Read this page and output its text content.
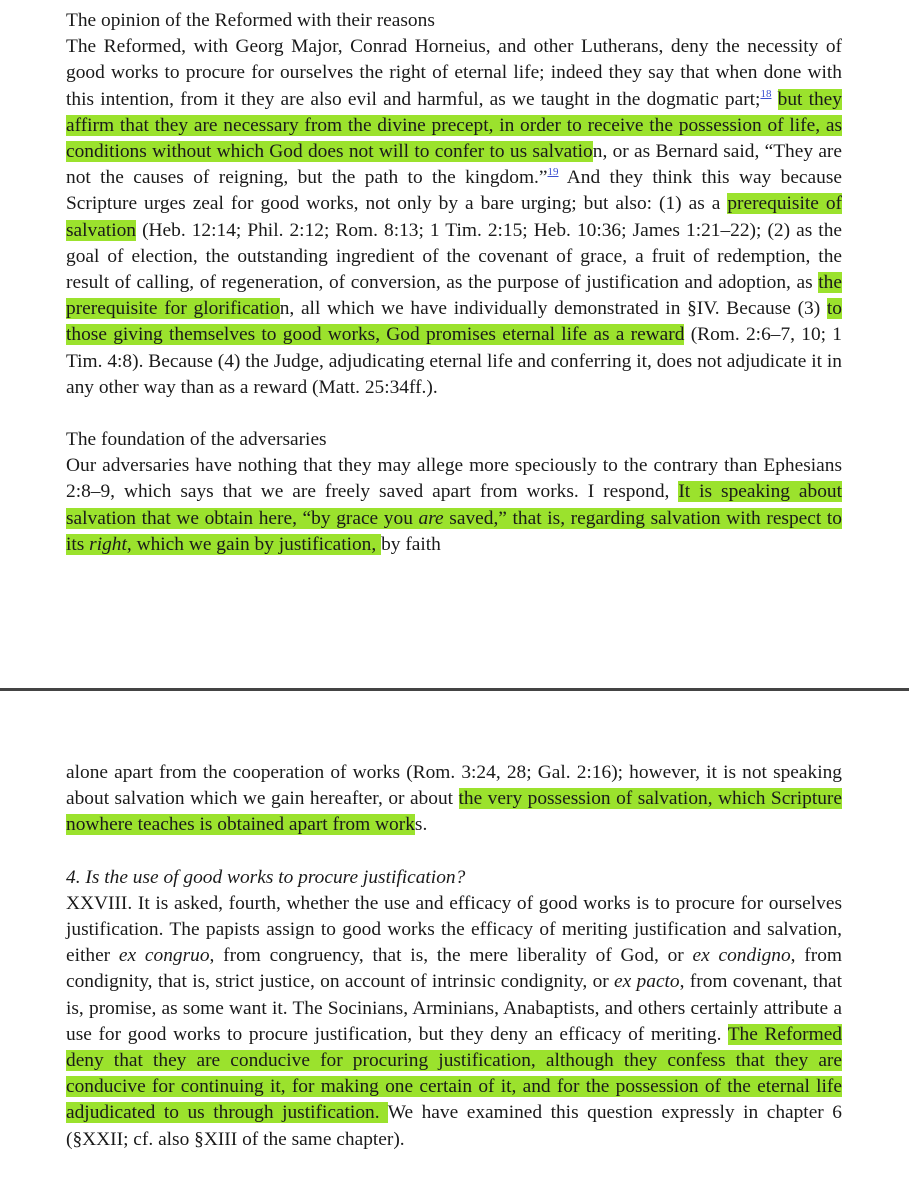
The opinion of the Reformed with their reasons

The Reformed, with Georg Major, Conrad Horneius, and other Lutherans, deny the necessity of good works to procure for ourselves the right of eternal life; indeed they say that when done with this intention, from it they are also evil and harmful, as we taught in the dogmatic part;$^{18}$ but they affirm that they are necessary from the divine precept, in order to receive the possession of life, as conditions without which God does not will to confer to us salvation, or as Bernard said, “They are not the causes of reigning, but the path to the kingdom.”$^{19}$ And they think this way because Scripture urges zeal for good works, not only by a bare urging; but also: (1) as a prerequisite of salvation (Heb. 12:14; Phil. 2:12; Rom. 8:13; 1 Tim. 2:15; Heb. 10:36; James 1:21–22); (2) as the goal of election, the outstanding ingredient of the covenant of grace, a fruit of redemption, the result of calling, of regeneration, of conversion, as the purpose of justification and adoption, as the prerequisite for glorification, all which we have individually demonstrated in §IV. Because (3) to those giving themselves to good works, God promises eternal life as a reward (Rom. 2:6–7, 10; 1 Tim. 4:8). Because (4) the Judge, adjudicating eternal life and conferring it, does not adjudicate it in any other way than as a reward (Matt. 25:34ff.).

The foundation of the adversaries

Our adversaries have nothing that they may allege more speciously to the contrary than Ephesians 2:8–9, which says that we are freely saved apart from works. I respond, It is speaking about salvation that we obtain here, “by grace you are saved,” that is, regarding salvation with respect to its right, which we gain by justification, by faith

alone apart from the cooperation of works (Rom. 3:24, 28; Gal. 2:16); however, it is not speaking about salvation which we gain hereafter, or about the very possession of salvation, which Scripture nowhere teaches is obtained apart from works.

4. Is the use of good works to procure justification?

XXVIII. It is asked, fourth, whether the use and efficacy of good works is to procure for ourselves justification. The papists assign to good works the efficacy of meriting justification and salvation, either ex congruo, from congruency, that is, the mere liberality of God, or ex condigno, from condignity, that is, strict justice, on account of intrinsic condignity, or ex pacto, from covenant, that is, promise, as some want it. The Socinians, Arminians, Anabaptists, and others certainly attribute a use for good works to procure justification, but they deny an efficacy of meriting. The Reformed deny that they are conducive for procuring justification, although they confess that they are conducive for continuing it, for making one certain of it, and for the possession of the eternal life adjudicated to us through justification. We have examined this question expressly in chapter 6 (§XXII; cf. also §XIII of the same chapter).
